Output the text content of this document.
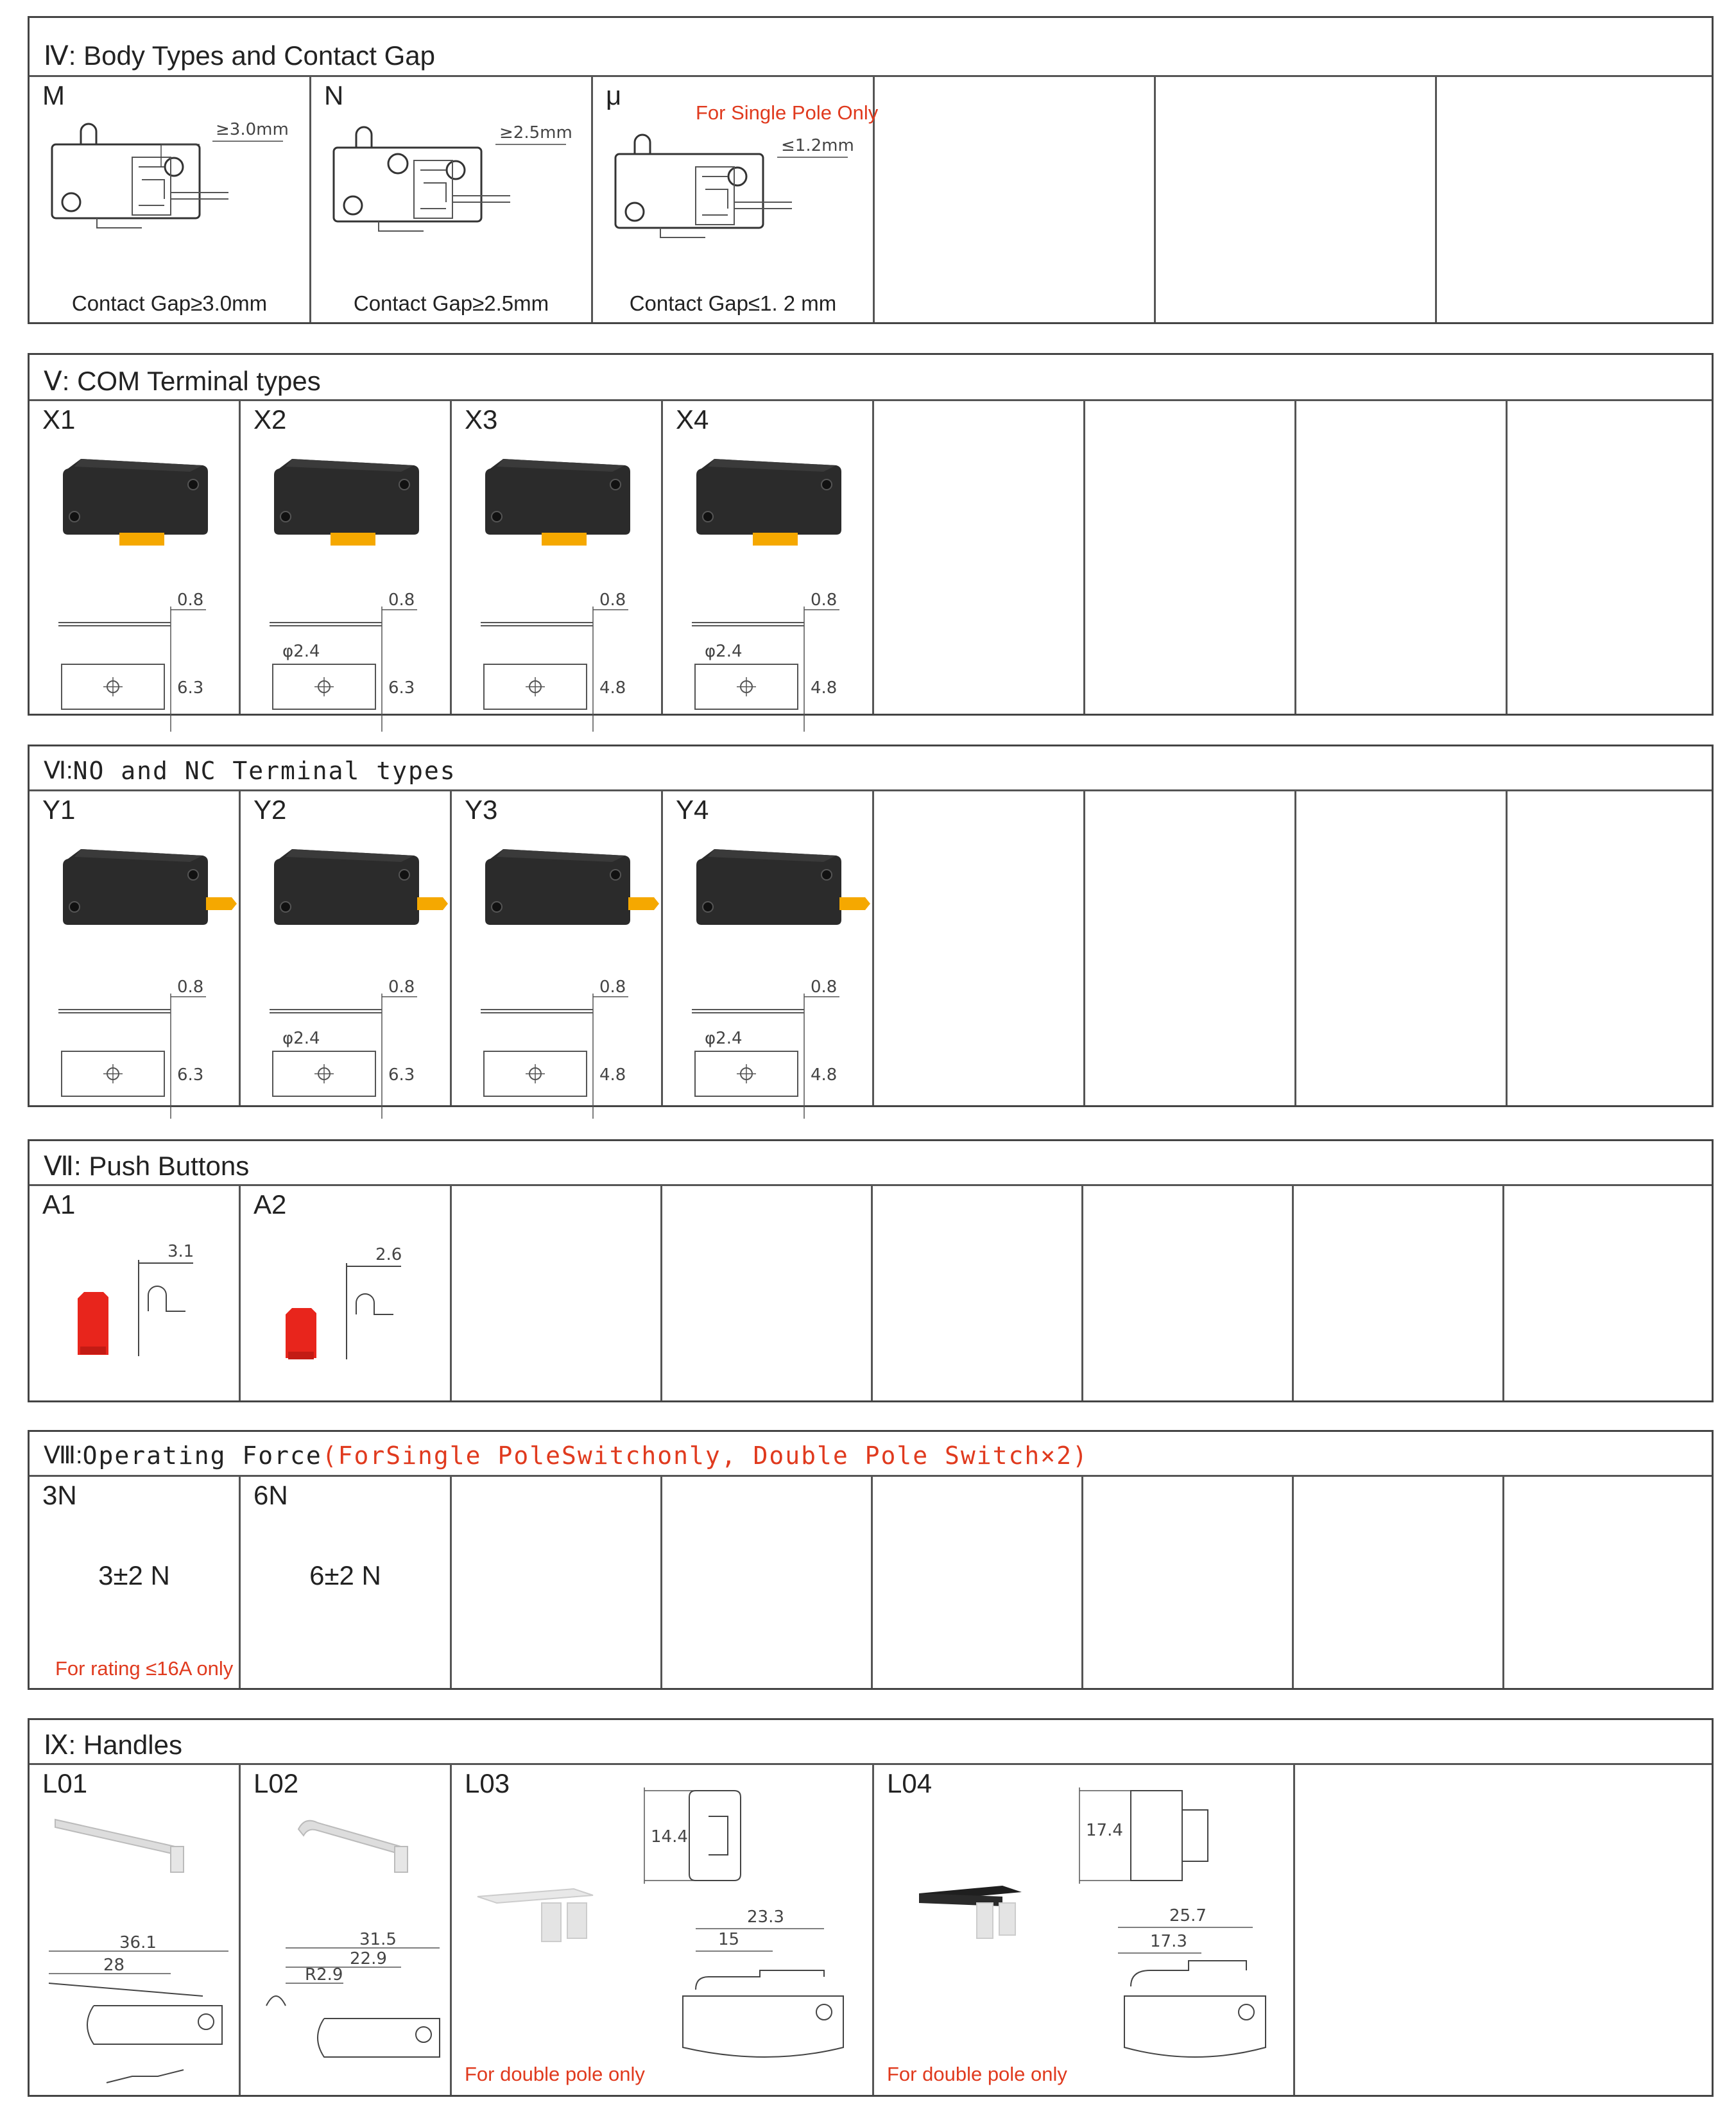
Ⅳ: Body Types and Contact Gap
M
≥3.0mm
Contact Gap≥3.0mm
N
≥2.5mm
Contact Gap≥2.5mm
μ
For Single Pole Only
≤1.2mm
Contact Gap≤1. 2 mm
Ⅴ: COM Terminal types
X1
0.8
6.3
X2
0.8
6.3
φ2.4
X3
0.8
4.8
X4
0.8
4.8
φ2.4
Ⅵ: NO and NC Terminal types
Y1
0.8
6.3
Y2
0.8
6.3
φ2.4
Y3
0.8
4.8
Y4
0.8
4.8
φ2.4
Ⅶ: Push Buttons
A1
3.1
A2
2.6
Ⅷ: Operating Force (ForSingle PoleSwitchonly, Double Pole Switch×2)
3N
3±2 N
For rating ≤16A only
6N
6±2 N
Ⅸ: Handles
L01
36.1
28
L02
31.5
22.9
R2.9
L03
14.4
23.3
15
For double pole only
L04
17.4
25.7
17.3
For double pole only
